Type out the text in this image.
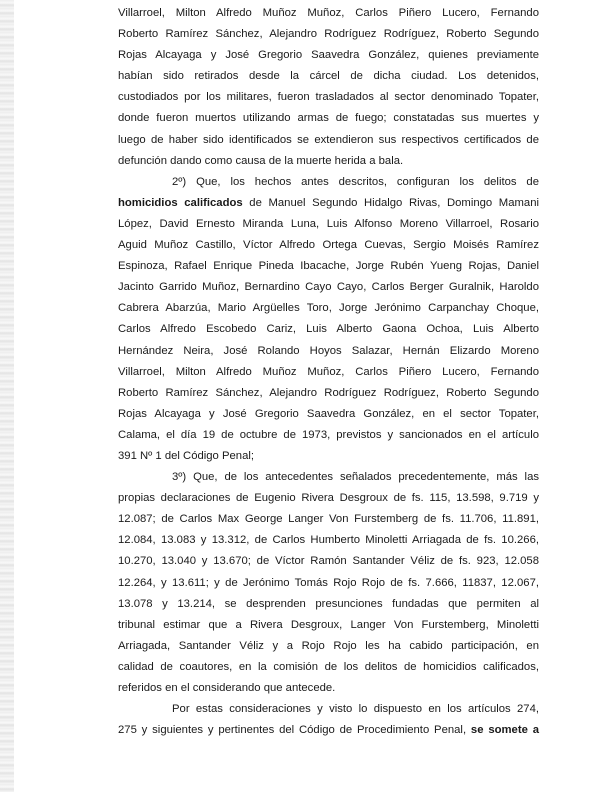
Villarroel, Milton Alfredo Muñoz Muñoz, Carlos Piñero Lucero, Fernando

Roberto Ramírez Sánchez, Alejandro Rodríguez Rodríguez, Roberto Segundo

Rojas Alcayaga y José Gregorio Saavedra González, quienes previamente

habían sido retirados desde la cárcel de dicha ciudad. Los detenidos,

custodiados por los militares, fueron trasladados al sector denominado Topater,

donde fueron muertos utilizando armas de fuego; constatadas sus muertes y

luego de haber sido identificados se extendieron sus respectivos certificados de

defunción dando como causa de la muerte herida a bala.

2º) Que, los hechos antes descritos, configuran los delitos de

homicidios calificados de Manuel Segundo Hidalgo Rivas, Domingo Mamani

López, David Ernesto Miranda Luna, Luis Alfonso Moreno Villarroel, Rosario

Aguid Muñoz Castillo, Víctor Alfredo Ortega Cuevas, Sergio Moisés Ramírez

Espinoza, Rafael Enrique Pineda Ibacache, Jorge Rubén Yueng Rojas, Daniel

Jacinto Garrido Muñoz, Bernardino Cayo Cayo, Carlos Berger Guralnik, Haroldo

Cabrera Abarzúa, Mario Argüelles Toro, Jorge Jerónimo Carpanchay Choque,

Carlos Alfredo Escobedo Cariz, Luis Alberto Gaona Ochoa, Luis Alberto

Hernández Neira, José Rolando Hoyos Salazar, Hernán Elizardo Moreno

Villarroel, Milton Alfredo Muñoz Muñoz, Carlos Piñero Lucero, Fernando

Roberto Ramírez Sánchez, Alejandro Rodríguez Rodríguez, Roberto Segundo

Rojas Alcayaga y José Gregorio Saavedra González, en el sector Topater,

Calama, el día 19 de octubre de 1973, previstos y sancionados en el artículo

391 Nº 1 del Código Penal;

3º) Que, de los antecedentes señalados precedentemente, más las

propias declaraciones de Eugenio Rivera Desgroux de fs. 115, 13.598, 9.719 y

12.087; de Carlos Max George Langer Von Furstemberg de fs. 11.706, 11.891,

12.084, 13.083 y 13.312, de Carlos Humberto Minoletti Arriagada de fs. 10.266,

10.270, 13.040 y 13.670; de Víctor Ramón Santander Véliz de fs. 923, 12.058

12.264, y 13.611; y de Jerónimo Tomás Rojo Rojo de fs. 7.666, 11837, 12.067,

13.078 y 13.214, se desprenden presunciones fundadas que permiten al

tribunal estimar que a Rivera Desgroux, Langer Von Furstemberg, Minoletti

Arriagada, Santander Véliz y a Rojo Rojo les ha cabido participación, en

calidad de coautores, en la comisión de los delitos de homicidios calificados,

referidos en el considerando que antecede.

Por estas consideraciones y visto lo dispuesto en los artículos 274,

275 y siguientes y pertinentes del Código de Procedimiento Penal, se somete a
